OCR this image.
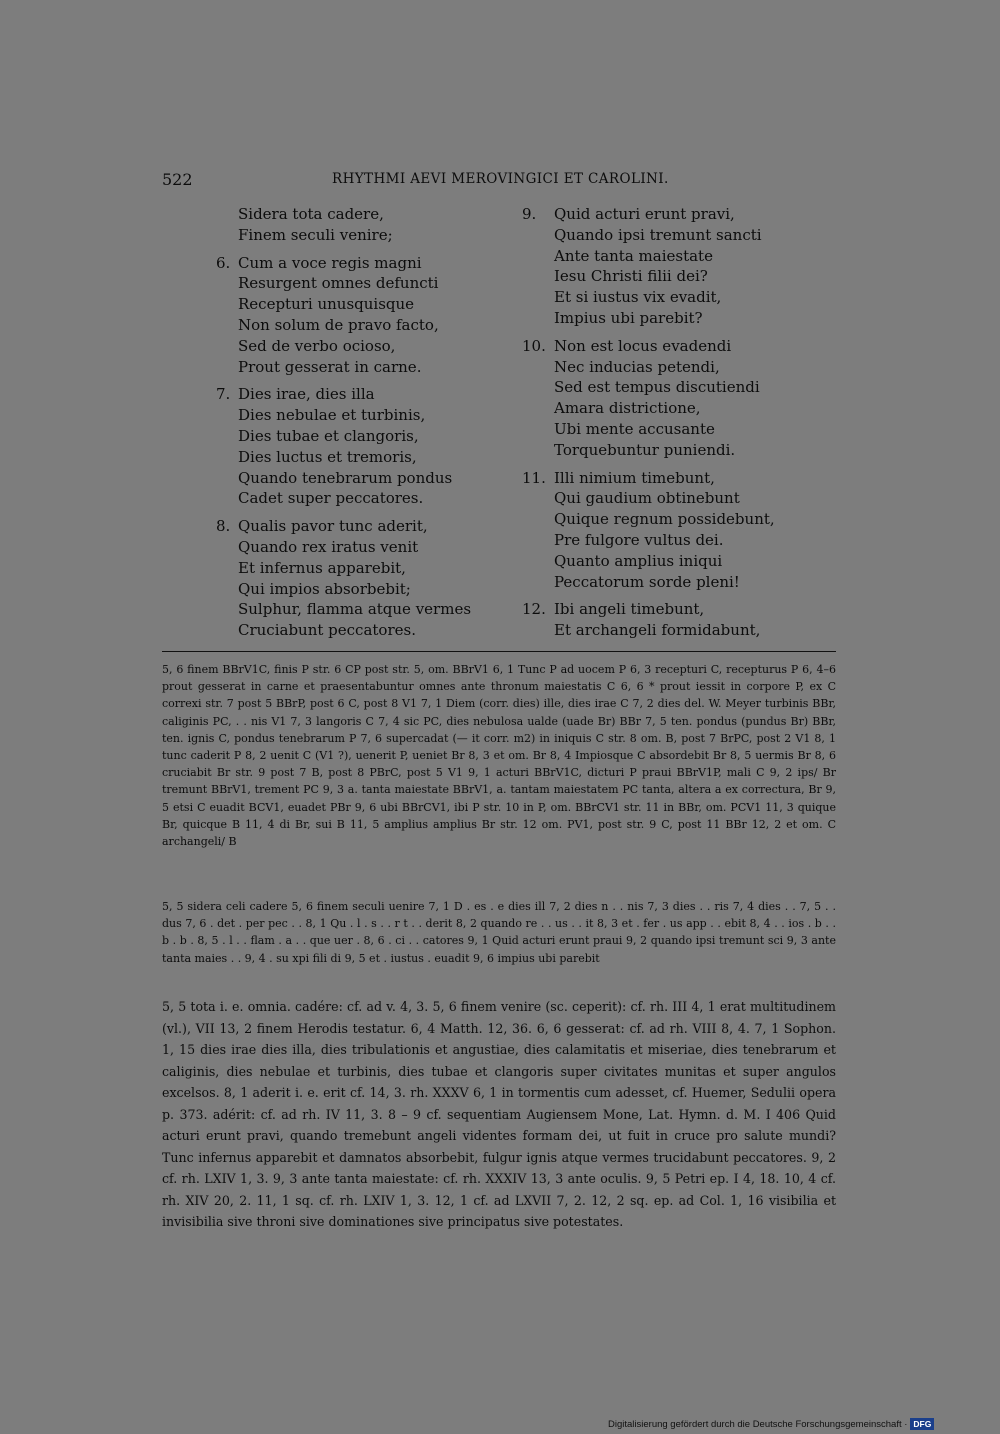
522	RHYTHMI AEVI MEROVINGICI ET CAROLINI.
Sidera tota cadere,
Finem seculi venire;
6. Cum a voce regis magni
Resurgent omnes defuncti
Recepturi unusquisque
Non solum de pravo facto,
Sed de verbo ocioso,
Prout gesserat in carne.
7. Dies irae, dies illa
Dies nebulae et turbinis,
Dies tubae et clangoris,
Dies luctus et tremoris,
Quando tenebrarum pondus
Cadet super peccatores.
8. Qualis pavor tunc aderit,
Quando rex iratus venit
Et infernus apparebit,
Qui impios absorbebit;
Sulphur, flamma atque vermes
Cruciabunt peccatores.
9. Quid acturi erunt pravi,
Quando ipsi tremunt sancti
Ante tanta maiestate
Iesu Christi filii dei?
Et si iustus vix evadit,
Impius ubi parebit?
10. Non est locus evadendi
Nec inducias petendi,
Sed est tempus discutiendi
Amara districtione,
Ubi mente accusante
Torquebuntur puniendi.
11. Illi nimium timebunt,
Qui gaudium obtinebunt
Quique regnum possidebunt,
Pre fulgore vultus dei.
Quanto amplius iniqui
Peccatorum sorde pleni!
12. Ibi angeli timebunt,
Et archangeli formidabunt,
5, 6 finem BBrV1C, finis P str. 6 CP post str. 5, om. BBrV1 6, 1 Tunc P ad uocem P 6, 3 recepturi C, recepturus P 6, 4–6 prout gesserat in carne et praesentabuntur omnes ante thronum maiestatis C 6, 6 * prout iessit in corpore P, ex C correxi str. 7 post 5 BBrP, post 6 C, post 8 V1 7, 1 Diem (corr. dies) ille, dies irae C 7, 2 dies del. W. Meyer turbinis BBr, caliginis PC, . . nis V1 7, 3 langoris C 7, 4 sic PC, dies nebulosa ualde (uade Br) BBr 7, 5 ten. pondus (pundus Br) BBr, ten. ignis C, pondus tenebrarum P 7, 6 supercadat (— it corr. m2) in iniquis C str. 8 om. B, post 7 BrPC, post 2 V1 8, 1 tunc caderit P 8, 2 uenit C (V1 ?), uenerit P, ueniet Br 8, 3 et om. Br 8, 4 Impiosque C absordebit Br 8, 5 uermis Br 8, 6 cruciabit Br str. 9 post 7 B, post 8 PBrC, post 5 V1 9, 1 acturi BBrV1C, dicturi P praui BBrV1P, mali C 9, 2 ips/ Br tremunt BBrV1, trement PC 9, 3 a. tanta maiestate BBrV1, a. tantam maiestatem PC tanta, altera a ex correctura, Br 9, 5 etsi C euadit BCV1, euadet PBr 9, 6 ubi BBrCV1, ibi P str. 10 in P, om. BBrCV1 str. 11 in BBr, om. PCV1 11, 3 quique Br, quicque B 11, 4 di Br, sui B 11, 5 amplius amplius Br str. 12 om. PV1, post str. 9 C, post 11 BBr 12, 2 et om. C archangeli/ B
5, 5 sidera celi cadere 5, 6 finem seculi uenire 7, 1 D . es . e dies ill 7, 2 dies n . . nis 7, 3 dies . . ris 7, 4 dies . . 7, 5 . . dus 7, 6 . det . per pec . . 8, 1 Qu . l . s . . r t . . derit 8, 2 quando re . . us . . it 8, 3 et . fer . us app . . ebit 8, 4 . . ios . b . . b . b . 8, 5 . l . . flam . a . . que uer . 8, 6 . ci . . catores 9, 1 Quid acturi erunt praui 9, 2 quando ipsi tremunt sci 9, 3 ante tanta maies . . 9, 4 . su xpi fili di 9, 5 et . iustus . euadit 9, 6 impius ubi parebit
5, 5 tota i. e. omnia. cadére: cf. ad v. 4, 3. 5, 6 finem venire (sc. ceperit): cf. rh. III 4, 1 erat multitudinem (vl.), VII 13, 2 finem Herodis testatur. 6, 4 Matth. 12, 36. 6, 6 gesserat: cf. ad rh. VIII 8, 4. 7, 1 Sophon. 1, 15 dies irae dies illa, dies tribulationis et angustiae, dies calamitatis et miseriae, dies tenebrarum et caliginis, dies nebulae et turbinis, dies tubae et clangoris super civitates munitas et super angulos excelsos. 8, 1 aderit i. e. erit cf. 14, 3. rh. XXXV 6, 1 in tormentis cum adesset, cf. Huemer, Sedulii opera p. 373. adérit: cf. ad rh. IV 11, 3. 8 – 9 cf. sequentiam Augiensem Mone, Lat. Hymn. d. M. I 406 Quid acturi erunt pravi, quando tremebunt angeli videntes formam dei, ut fuit in cruce pro salute mundi? Tunc infernus apparebit et damnatos absorbebit, fulgur ignis atque vermes trucidabunt peccatores. 9, 2 cf. rh. LXIV 1, 3. 9, 3 ante tanta maiestate: cf. rh. XXXIV 13, 3 ante oculis. 9, 5 Petri ep. I 4, 18. 10, 4 cf. rh. XIV 20, 2. 11, 1 sq. cf. rh. LXIV 1, 3. 12, 1 cf. ad LXVII 7, 2. 12, 2 sq. ep. ad Col. 1, 16 visibilia et invisibilia sive throni sive dominationes sive principatus sive potestates.
Digitalisierung gefördert durch die Deutsche Forschungsgemeinschaft · DFG
